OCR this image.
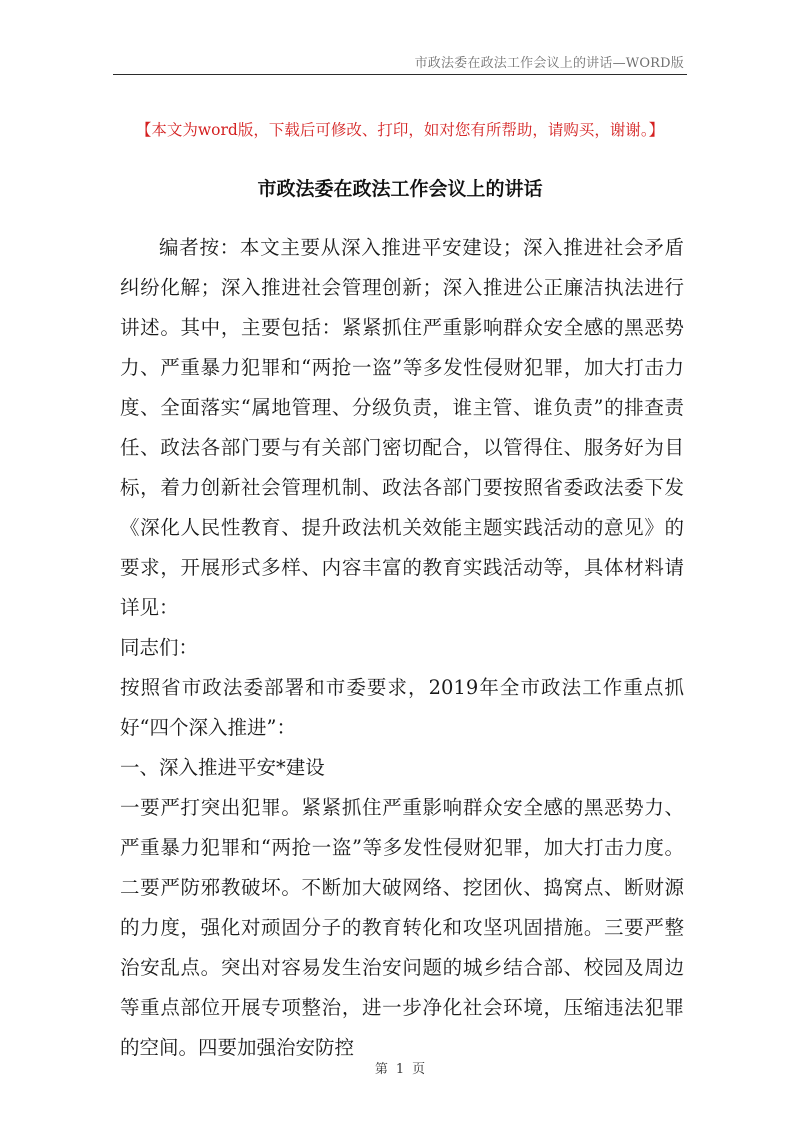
市政法委在政法工作会议上的讲话—WORD版
【本文为word版，下载后可修改、打印，如对您有所帮助，请购买，谢谢。】
市政法委在政法工作会议上的讲话

编者按：本文主要从深入推进平安建设；深入推进社会矛盾纠纷化解；深入推进社会管理创新；深入推进公正廉洁执法进行讲述。其中，主要包括：紧紧抓住严重影响群众安全感的黑恶势力、严重暴力犯罪和“两抢一盗”等多发性侵财犯罪，加大打击力度、全面落实“属地管理、分级负责，谁主管、谁负责”的排查责任、政法各部门要与有关部门密切配合，以管得住、服务好为目标，着力创新社会管理机制、政法各部门要按照省委政法委下发《深化人民性教育、提升政法机关效能主题实践活动的意见》的要求，开展形式多样、内容丰富的教育实践活动等，具体材料请详见：

同志们：

按照省市政法委部署和市委要求，2019年全市政法工作重点抓好“四个深入推进”：

一、深入推进平安*建设

一要严打突出犯罪。紧紧抓住严重影响群众安全感的黑恶势力、严重暴力犯罪和“两抢一盗”等多发性侵财犯罪，加大打击力度。二要严防邪教破坏。不断加大破网络、挖团伙、捣窝点、断财源的力度，强化对顽固分子的教育转化和攻坚巩固措施。三要严整治安乱点。突出对容易发生治安问题的城乡结合部、校园及周边等重点部位开展专项整治，进一步净化社会环境，压缩违法犯罪的空间。四要加强治安防控

第 1 页
